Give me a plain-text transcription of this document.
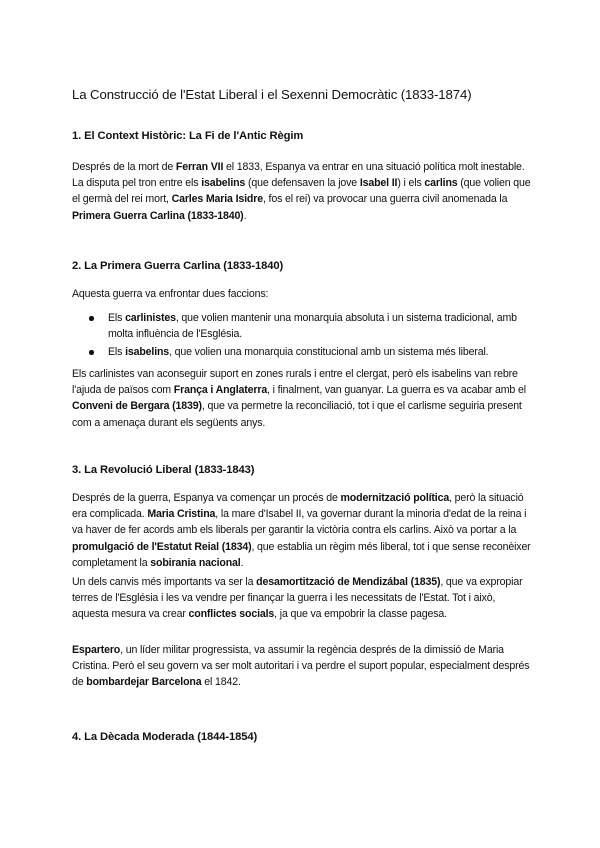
La Construcció de l'Estat Liberal i el Sexenni Democràtic (1833-1874)
1. El Context Històric: La Fi de l'Antic Règim

Després de la mort de Ferran VII el 1833, Espanya va entrar en una situació política molt inestable. La disputa pel tron entre els isabelins (que defensaven la jove Isabel II) i els carlins (que volien que el germà del rei mort, Carles Maria Isidre, fos el rei) va provocar una guerra civil anomenada la Primera Guerra Carlina (1833-1840).

2. La Primera Guerra Carlina (1833-1840)

Aquesta guerra va enfrontar dues faccions:

Els carlinistes, que volien mantenir una monarquia absoluta i un sistema tradicional, amb molta influència de l'Església.
Els isabelins, que volien una monarquia constitucional amb un sistema més liberal.

Els carlinistes van aconseguir suport en zones rurals i entre el clergat, però els isabelins van rebre l'ajuda de països com França i Anglaterra, i finalment, van guanyar. La guerra es va acabar amb el Conveni de Bergara (1839), que va permetre la reconciliació, tot i que el carlisme seguiria present com a amenaça durant els següents anys.

3. La Revolució Liberal (1833-1843)

Després de la guerra, Espanya va començar un procés de modernització política, però la situació era complicada. Maria Cristina, la mare d'Isabel II, va governar durant la minoria d'edat de la reina i va haver de fer acords amb els liberals per garantir la victòria contra els carlins. Això va portar a la promulgació de l'Estatut Reial (1834), que establia un règim més liberal, tot i que sense reconèixer completament la sobirania nacional.

Un dels canvis més importants va ser la desamortització de Mendizábal (1835), que va expropiar terres de l'Església i les va vendre per finançar la guerra i les necessitats de l'Estat. Tot i això, aquesta mesura va crear conflictes socials, ja que va empobrir la classe pagesa.

Espartero, un líder militar progressista, va assumir la regència després de la dimissió de Maria Cristina. Però el seu govern va ser molt autoritari i va perdre el suport popular, especialment després de bombardejar Barcelona el 1842.

4. La Dècada Moderada (1844-1854)
